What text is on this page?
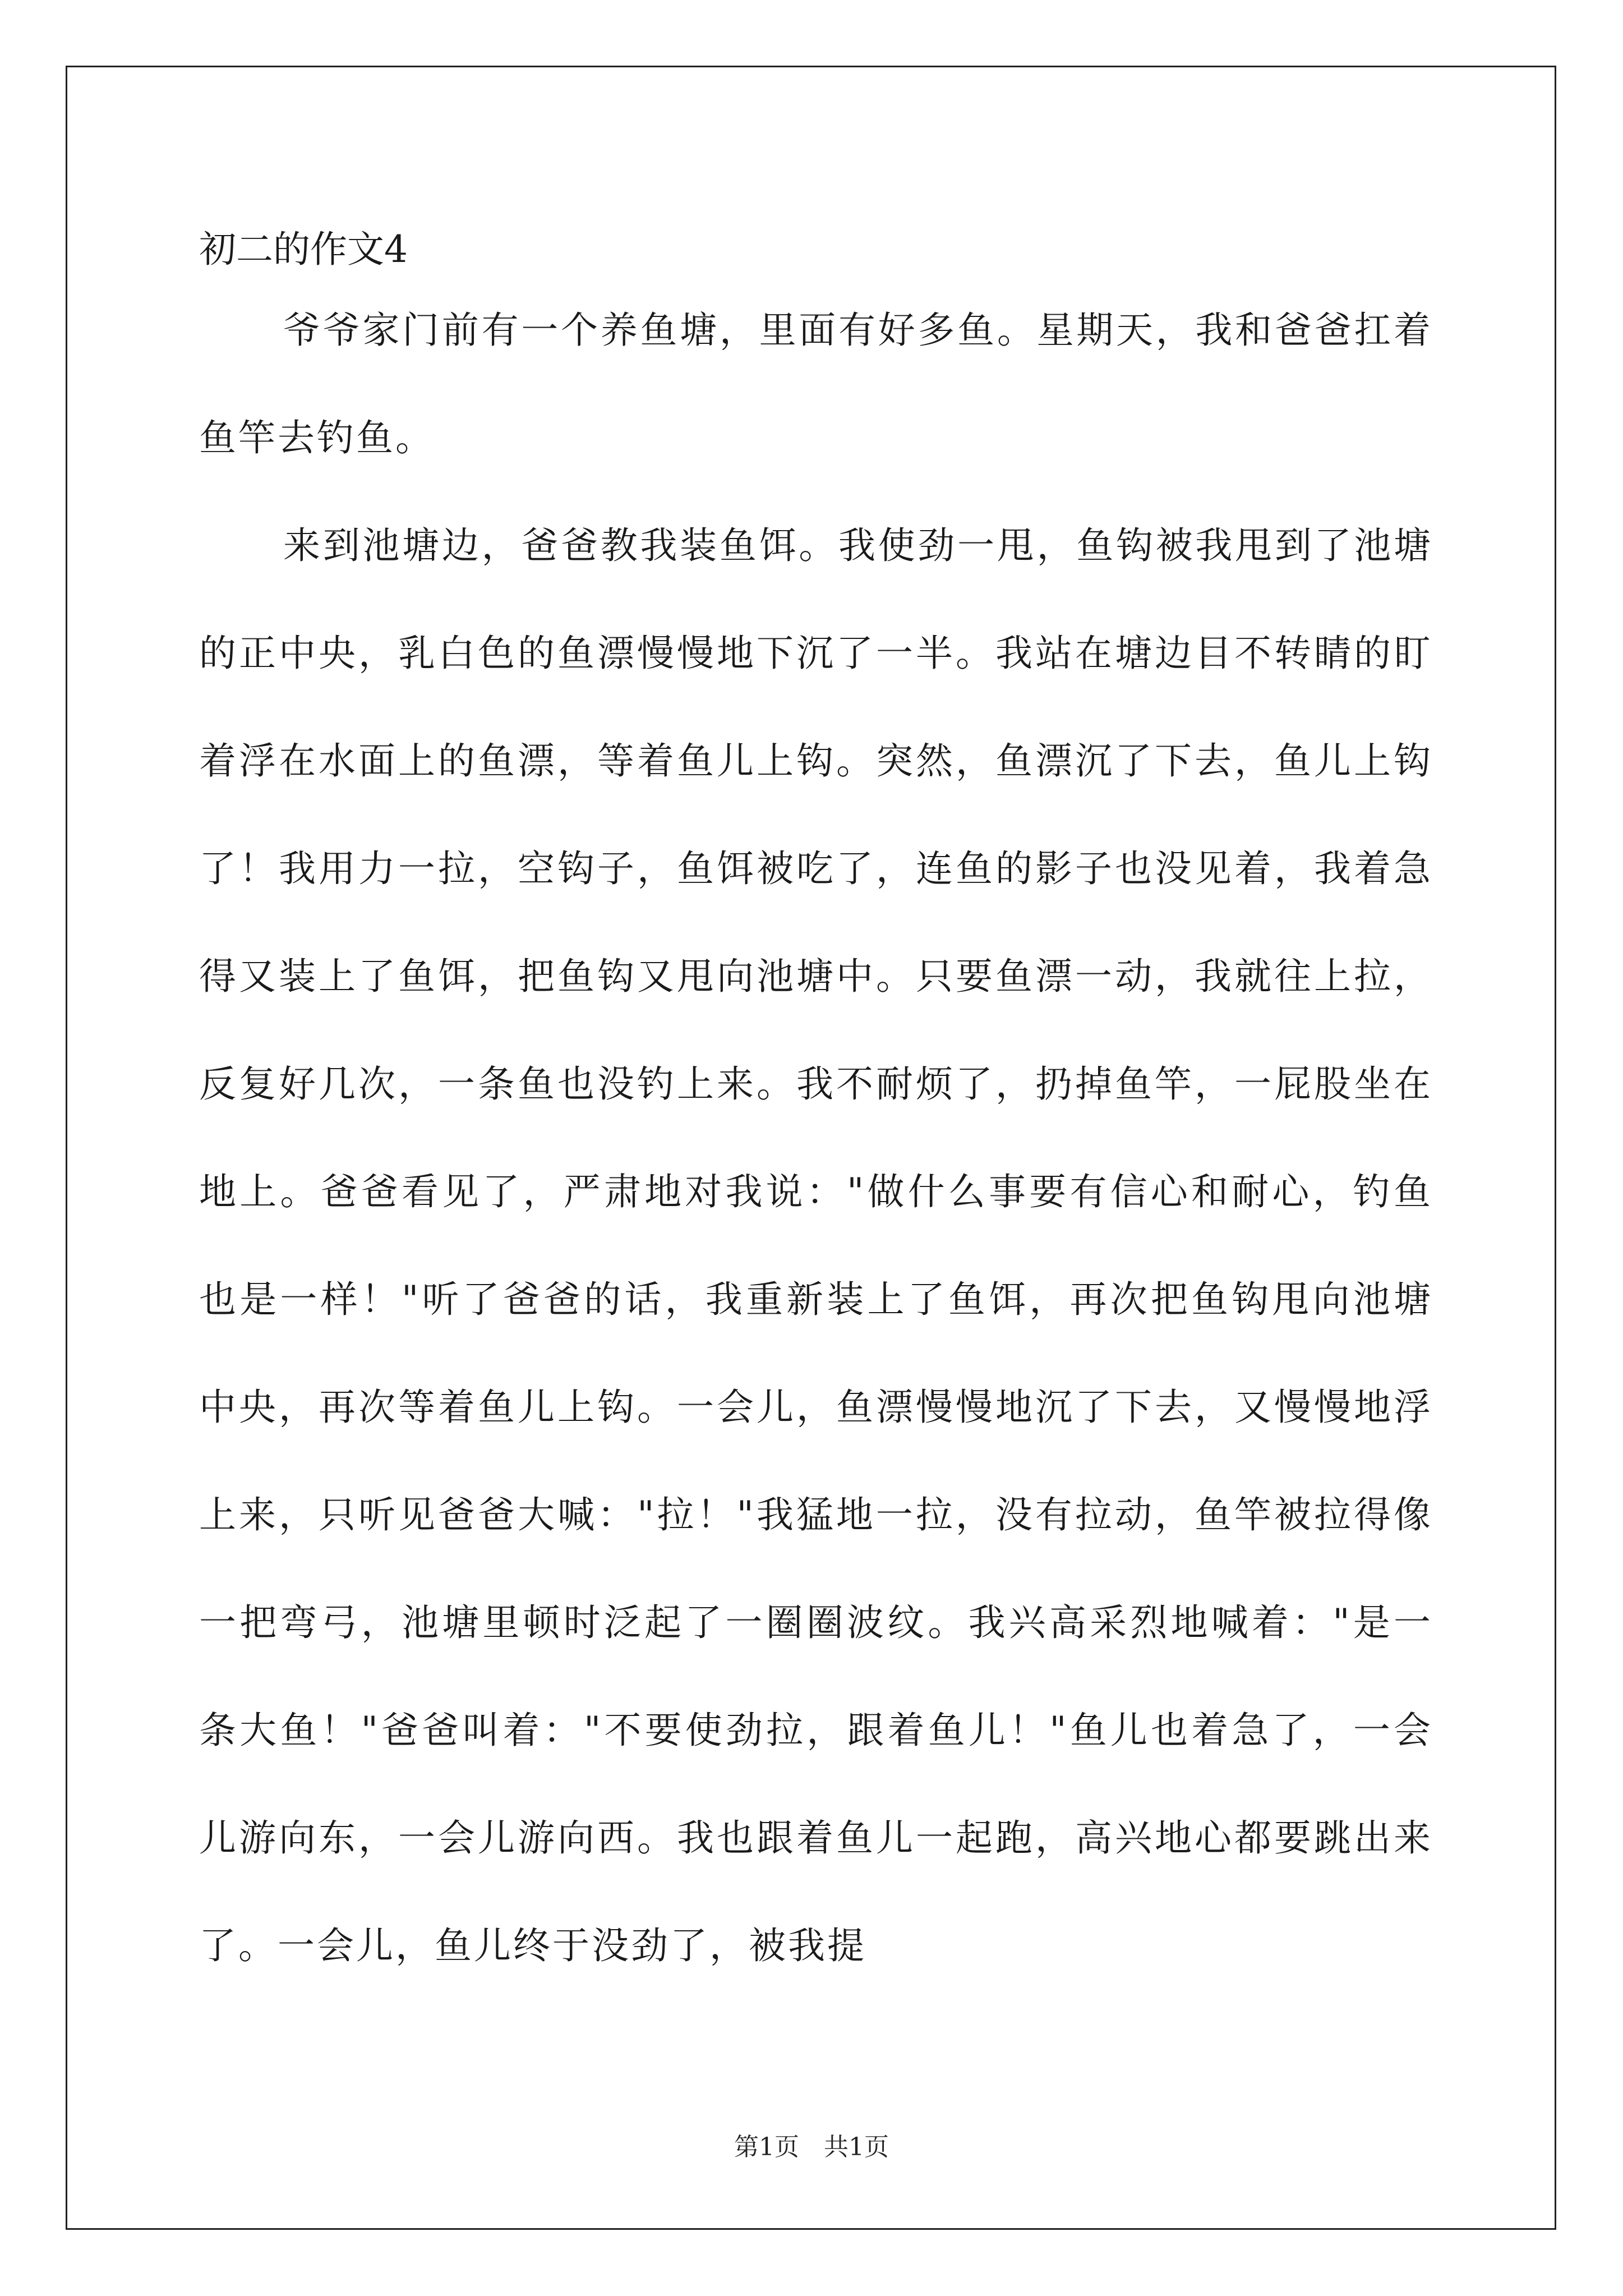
初二的作文4

爷爷家门前有一个养鱼塘，里面有好多鱼。星期天，我和爸爸扛着鱼竿去钓鱼。

来到池塘边，爸爸教我装鱼饵。我使劲一甩，鱼钩被我甩到了池塘的正中央，乳白色的鱼漂慢慢地下沉了一半。我站在塘边目不转睛的盯着浮在水面上的鱼漂，等着鱼儿上钩。突然，鱼漂沉了下去，鱼儿上钩了！我用力一拉，空钩子，鱼饵被吃了，连鱼的影子也没见着，我着急得又装上了鱼饵，把鱼钩又甩向池塘中。只要鱼漂一动，我就往上拉，反复好几次，一条鱼也没钓上来。我不耐烦了，扔掉鱼竿，一屁股坐在地上。爸爸看见了，严肃地对我说："做什么事要有信心和耐心，钓鱼也是一样！"听了爸爸的话，我重新装上了鱼饵，再次把鱼钩甩向池塘中央，再次等着鱼儿上钩。一会儿，鱼漂慢慢地沉了下去，又慢慢地浮上来，只听见爸爸大喊："拉！"我猛地一拉，没有拉动，鱼竿被拉得像一把弯弓，池塘里顿时泛起了一圈圈波纹。我兴高采烈地喊着："是一条大鱼！"爸爸叫着："不要使劲拉，跟着鱼儿！"鱼儿也着急了，一会儿游向东，一会儿游向西。我也跟着鱼儿一起跑，高兴地心都要跳出来了。一会儿，鱼儿终于没劲了，被我提

第1页　共1页
